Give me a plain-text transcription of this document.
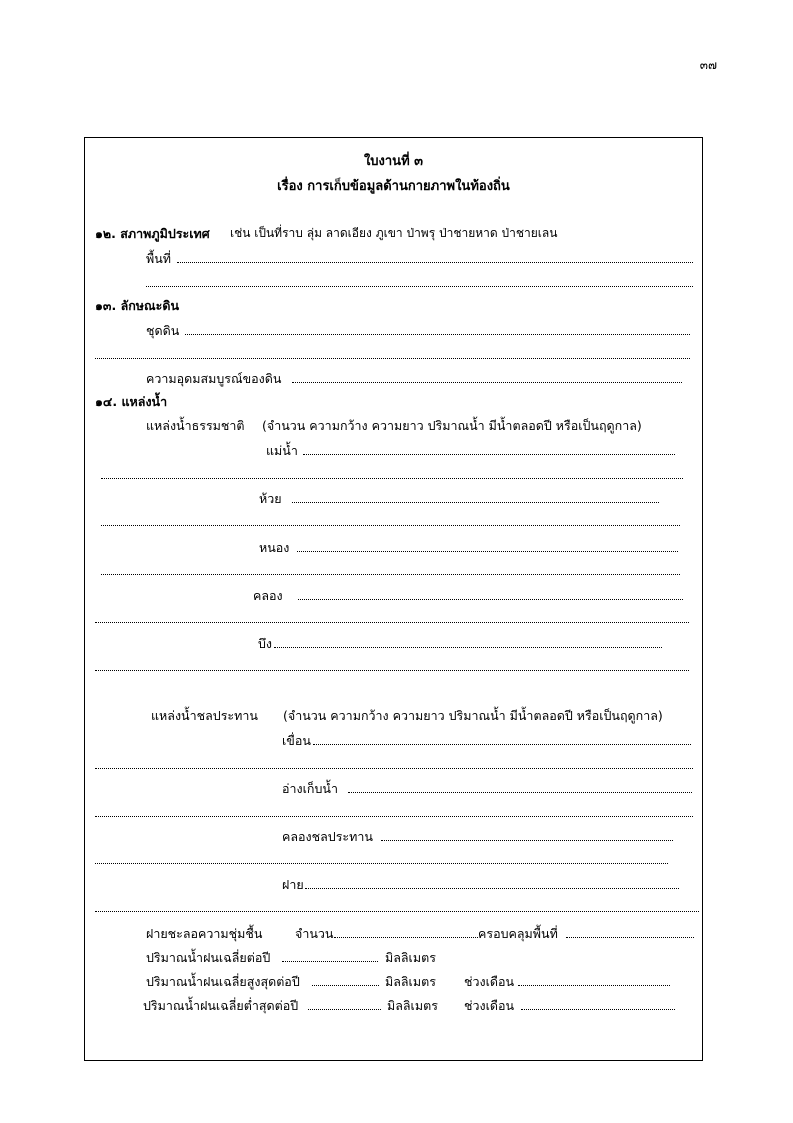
๓๗
ใบงานที่ ๓
เรื่อง การเก็บข้อมูลด้านกายภาพในท้องถิ่น
๑๒. สภาพภูมิประเทศ เช่น เป็นที่ราบ ลุ่ม ลาดเอียง ภูเขา ป่าพรุ ป่าชายหาด ป่าชายเลน
พื้นที่
๑๓. ลักษณะดิน
ชุดดิน
ความอุดมสมบูรณ์ของดิน
๑๔. แหล่งน้ำ
แหล่งน้ำธรรมชาติ (จำนวน ความกว้าง ความยาว ปริมาณน้ำ มีน้ำตลอดปี หรือเป็นฤดูกาล)
แม่น้ำ
ห้วย
หนอง
คลอง
บึง
แหล่งน้ำชลประทาน (จำนวน ความกว้าง ความยาว ปริมาณน้ำ มีน้ำตลอดปี หรือเป็นฤดูกาล)
เขื่อน
อ่างเก็บน้ำ
คลองชลประทาน
ฝาย
ฝายชะลอความชุ่มชื้น	จำนวน	ครอบคลุมพื้นที่
ปริมาณน้ำฝนเฉลี่ยต่อปี	มิลลิเมตร
ปริมาณน้ำฝนเฉลี่ยสูงสุดต่อปี	มิลลิเมตร ช่วงเดือน
ปริมาณน้ำฝนเฉลี่ยต่ำสุดต่อปี	มิลลิเมตร ช่วงเดือน
